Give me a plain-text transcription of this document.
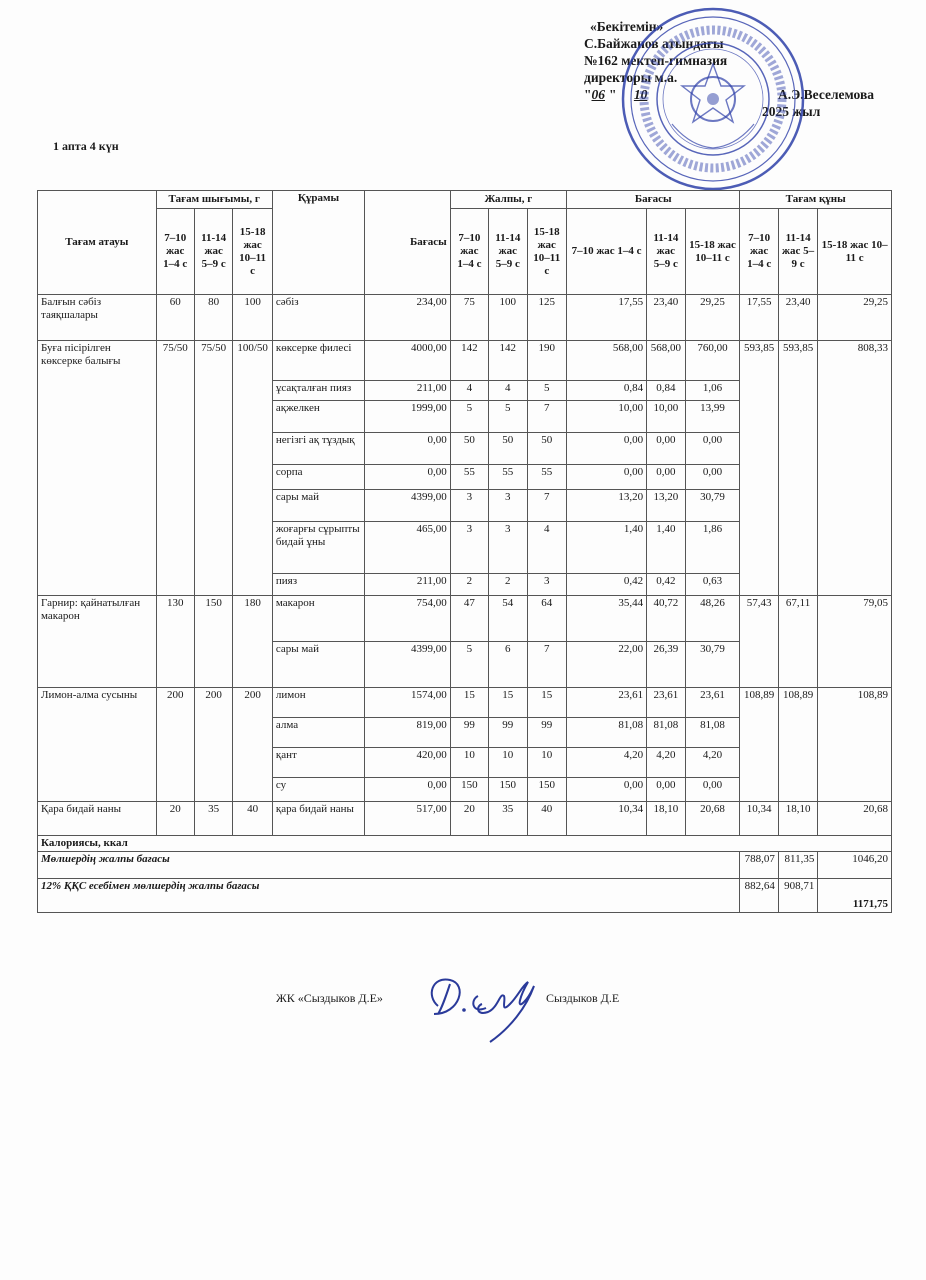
«Бекітемін»
С.Байжанов атындағы
№162 мектеп-гимназия
директоры м.а.
"06 " 10	А.Э.Веселемова
2025 жыл
1 апта 4 күн
Тағам атауы	Тағам шығымы, г			Құрамы	Бағасы	Жалпы, г			Бағасы			Тағам құны		
	7–10 жас 1–4 с	11-14 жас 5–9 с	15-18 жас 10–11 с			7–10 жас 1–4 с	11-14 жас 5–9 с	15-18 жас 10–11 с	7–10 жас 1–4 с	11-14 жас 5–9 с	15-18 жас 10–11 с	7–10 жас 1–4 с	11-14 жас 5–9 с	15-18 жас 10–11 с
Балғын сәбіз таяқшалары	60	80	100	сәбіз	234,00	75	100	125	17,55	23,40	29,25	17,55	23,40	29,25
Буға пісірілген көксерке балығы	75/50	75/50	100/50	көксерке филесі	4000,00	142	142	190	568,00	568,00	760,00	593,85	593,85	808,33
				ұсақталған пияз	211,00	4	4	5	0,84	0,84	1,06			
				ақжелкен	1999,00	5	5	7	10,00	10,00	13,99			
				негізгі ақ тұздық	0,00	50	50	50	0,00	0,00	0,00			
				сорпа	0,00	55	55	55	0,00	0,00	0,00			
				сары май	4399,00	3	3	7	13,20	13,20	30,79			
				жоғарғы сұрыпты бидай ұны	465,00	3	3	4	1,40	1,40	1,86			
				пияз	211,00	2	2	3	0,42	0,42	0,63			
Гарнир: қайнатылған макарон	130	150	180	макарон	754,00	47	54	64	35,44	40,72	48,26	57,43	67,11	79,05
				сары май	4399,00	5	6	7	22,00	26,39	30,79			
Лимон-алма сусыны	200	200	200	лимон	1574,00	15	15	15	23,61	23,61	23,61	108,89	108,89	108,89
				алма	819,00	99	99	99	81,08	81,08	81,08			
				қант	420,00	10	10	10	4,20	4,20	4,20			
				су	0,00	150	150	150	0,00	0,00	0,00			
Қара бидай наны	20	35	40	қара бидай наны	517,00	20	35	40	10,34	18,10	20,68	10,34	18,10	20,68
Калориясы, ккал														
Мөлшердің жалпы бағасы												788,07	811,35	1046,20
12% ҚҚС есебімен мөлшердің жалпы бағасы												882,64	908,71	1171,75
ЖК «Сыздыков Д.Е»	Сыздыков Д.Е
